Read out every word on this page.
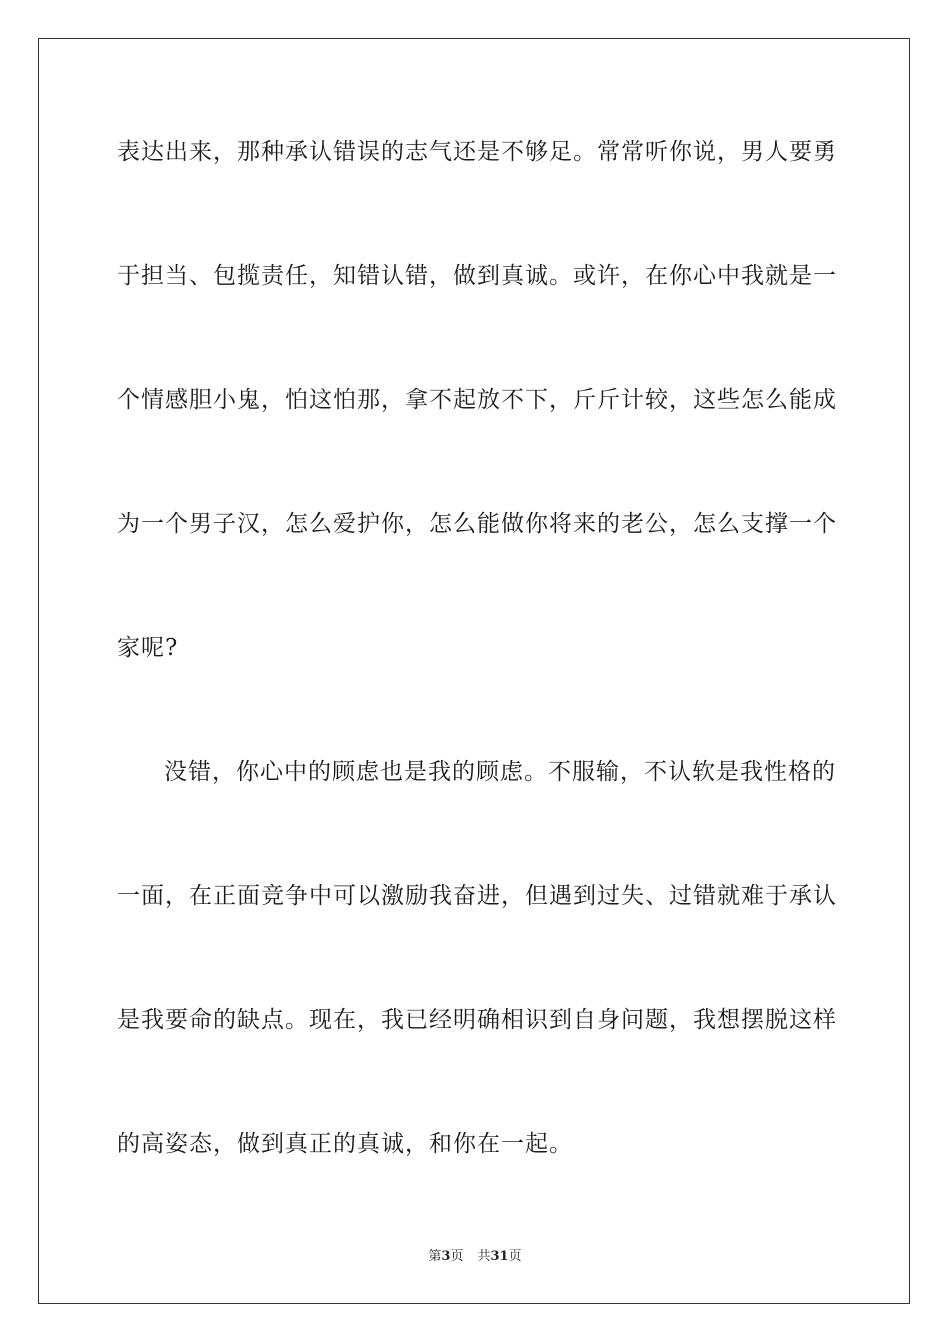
表达出来，那种承认错误的志气还是不够足。常常听你说，男人要勇
于担当、包揽责任，知错认错，做到真诚。或许，在你心中我就是一
个情感胆小鬼，怕这怕那，拿不起放不下，斤斤计较，这些怎么能成
为一个男子汉，怎么爱护你，怎么能做你将来的老公，怎么支撑一个
家呢?
没错，你心中的顾虑也是我的顾虑。不服输，不认软是我性格的
一面，在正面竞争中可以激励我奋进，但遇到过失、过错就难于承认
是我要命的缺点。现在，我已经明确相识到自身问题，我想摆脱这样
的高姿态，做到真正的真诚，和你在一起。
第3页 共31页
